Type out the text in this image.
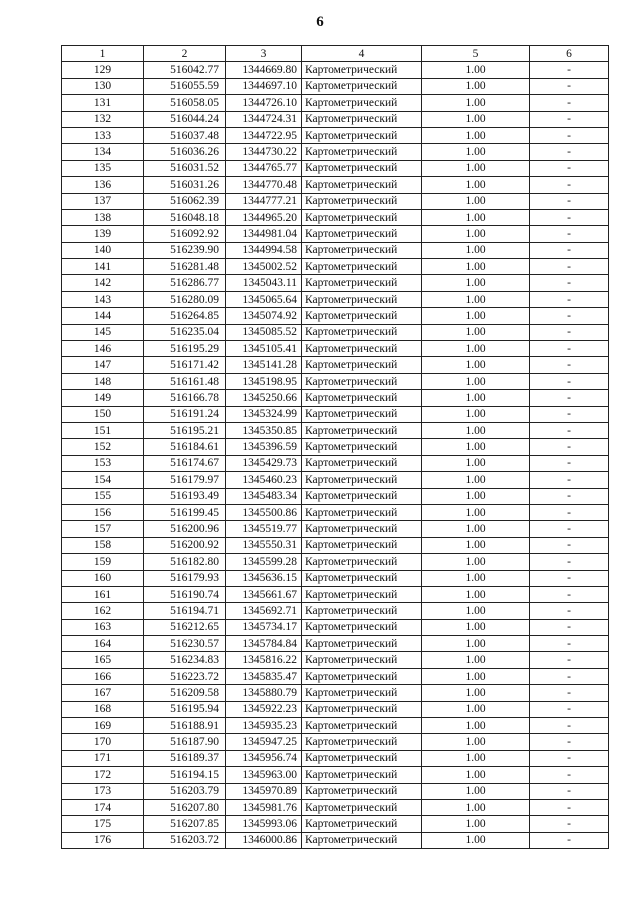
6
1	2	3	4	5	6
129	516042.77	1344669.80	Картометрический	1.00	-
130	516055.59	1344697.10	Картометрический	1.00	-
131	516058.05	1344726.10	Картометрический	1.00	-
132	516044.24	1344724.31	Картометрический	1.00	-
133	516037.48	1344722.95	Картометрический	1.00	-
134	516036.26	1344730.22	Картометрический	1.00	-
135	516031.52	1344765.77	Картометрический	1.00	-
136	516031.26	1344770.48	Картометрический	1.00	-
137	516062.39	1344777.21	Картометрический	1.00	-
138	516048.18	1344965.20	Картометрический	1.00	-
139	516092.92	1344981.04	Картометрический	1.00	-
140	516239.90	1344994.58	Картометрический	1.00	-
141	516281.48	1345002.52	Картометрический	1.00	-
142	516286.77	1345043.11	Картометрический	1.00	-
143	516280.09	1345065.64	Картометрический	1.00	-
144	516264.85	1345074.92	Картометрический	1.00	-
145	516235.04	1345085.52	Картометрический	1.00	-
146	516195.29	1345105.41	Картометрический	1.00	-
147	516171.42	1345141.28	Картометрический	1.00	-
148	516161.48	1345198.95	Картометрический	1.00	-
149	516166.78	1345250.66	Картометрический	1.00	-
150	516191.24	1345324.99	Картометрический	1.00	-
151	516195.21	1345350.85	Картометрический	1.00	-
152	516184.61	1345396.59	Картометрический	1.00	-
153	516174.67	1345429.73	Картометрический	1.00	-
154	516179.97	1345460.23	Картометрический	1.00	-
155	516193.49	1345483.34	Картометрический	1.00	-
156	516199.45	1345500.86	Картометрический	1.00	-
157	516200.96	1345519.77	Картометрический	1.00	-
158	516200.92	1345550.31	Картометрический	1.00	-
159	516182.80	1345599.28	Картометрический	1.00	-
160	516179.93	1345636.15	Картометрический	1.00	-
161	516190.74	1345661.67	Картометрический	1.00	-
162	516194.71	1345692.71	Картометрический	1.00	-
163	516212.65	1345734.17	Картометрический	1.00	-
164	516230.57	1345784.84	Картометрический	1.00	-
165	516234.83	1345816.22	Картометрический	1.00	-
166	516223.72	1345835.47	Картометрический	1.00	-
167	516209.58	1345880.79	Картометрический	1.00	-
168	516195.94	1345922.23	Картометрический	1.00	-
169	516188.91	1345935.23	Картометрический	1.00	-
170	516187.90	1345947.25	Картометрический	1.00	-
171	516189.37	1345956.74	Картометрический	1.00	-
172	516194.15	1345963.00	Картометрический	1.00	-
173	516203.79	1345970.89	Картометрический	1.00	-
174	516207.80	1345981.76	Картометрический	1.00	-
175	516207.85	1345993.06	Картометрический	1.00	-
176	516203.72	1346000.86	Картометрический	1.00	-
